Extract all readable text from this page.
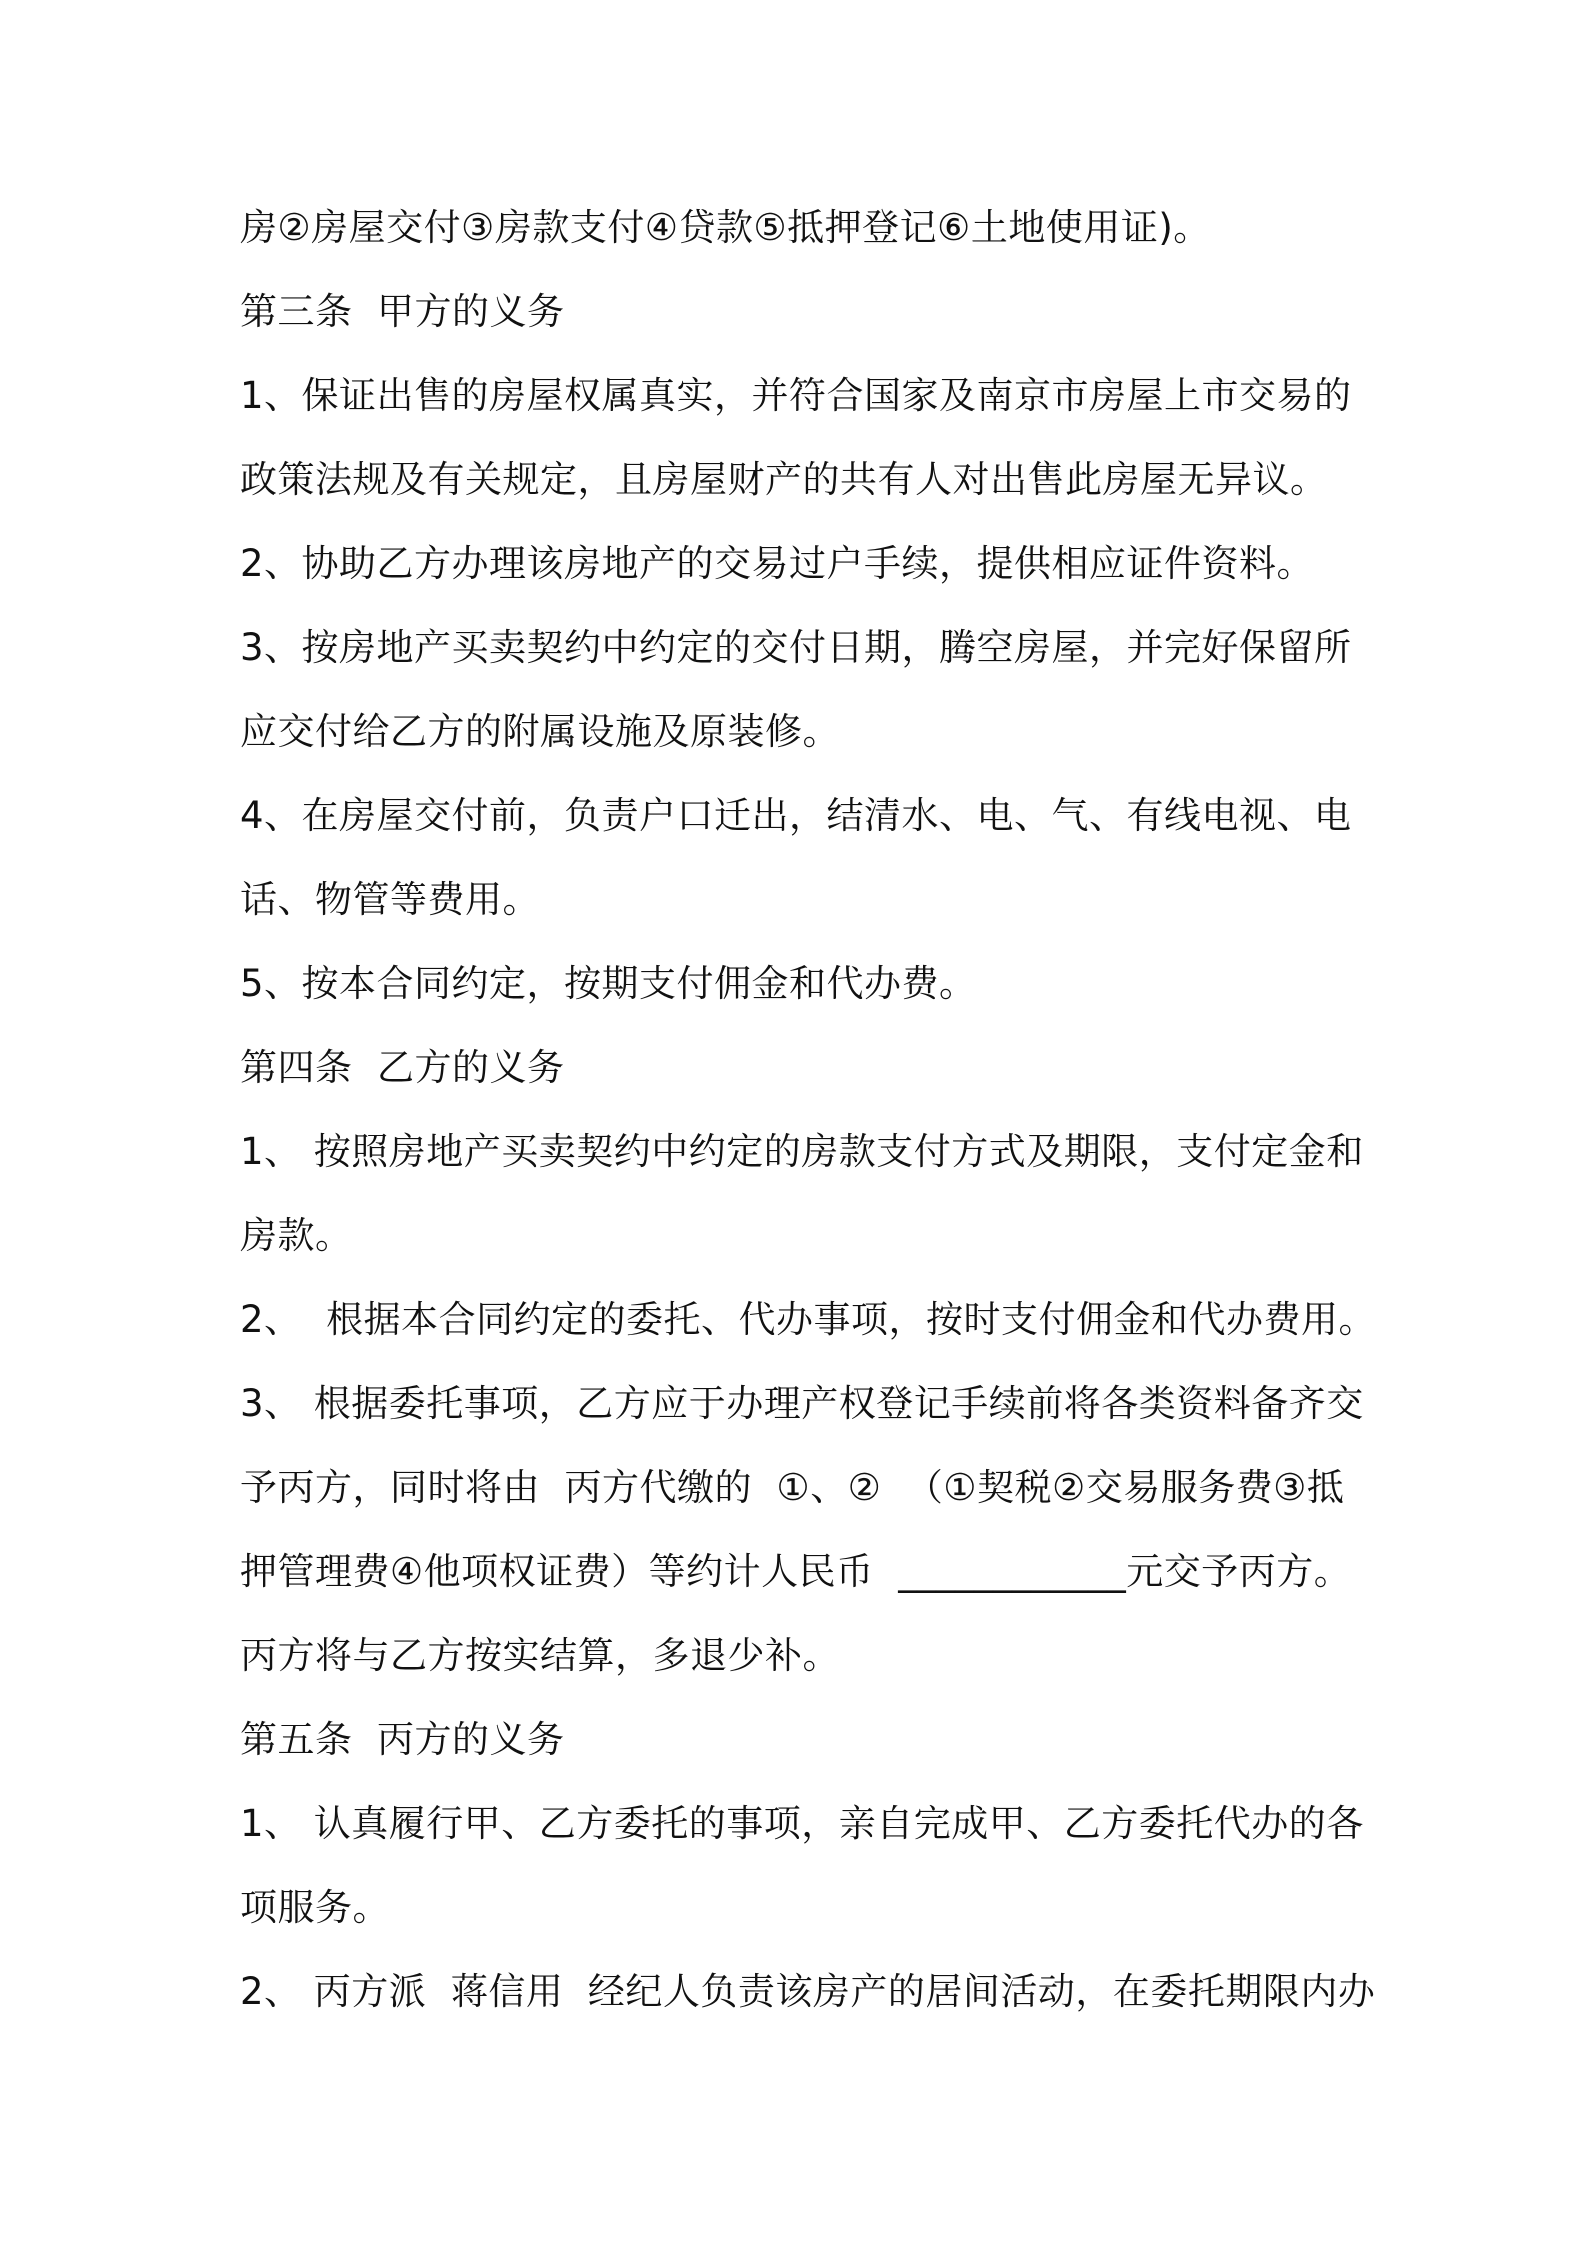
房②房屋交付③房款支付④贷款⑤抵押登记⑥土地使用证)。
第三条  甲方的义务
1、保证出售的房屋权属真实，并符合国家及南京市房屋上市交易的
政策法规及有关规定，且房屋财产的共有人对出售此房屋无异议。
2、协助乙方办理该房地产的交易过户手续，提供相应证件资料。
3、按房地产买卖契约中约定的交付日期，腾空房屋，并完好保留所
应交付给乙方的附属设施及原装修。
4、在房屋交付前，负责户口迁出，结清水、电、气、有线电视、电
话、物管等费用。
5、按本合同约定，按期支付佣金和代办费。
第四条  乙方的义务
1、 按照房地产买卖契约中约定的房款支付方式及期限，支付定金和
房款。
2、  根据本合同约定的委托、代办事项，按时支付佣金和代办费用。
3、 根据委托事项，乙方应于办理产权登记手续前将各类资料备齐交
予丙方，同时将由  丙方代缴的  ①、②  （①契税②交易服务费③抵
押管理费④他项权证费）等约计人民币  ____________元交予丙方。
丙方将与乙方按实结算，多退少补。
第五条  丙方的义务
1、 认真履行甲、乙方委托的事项，亲自完成甲、乙方委托代办的各
项服务。
2、 丙方派  蒋信用  经纪人负责该房产的居间活动，在委托期限内办
